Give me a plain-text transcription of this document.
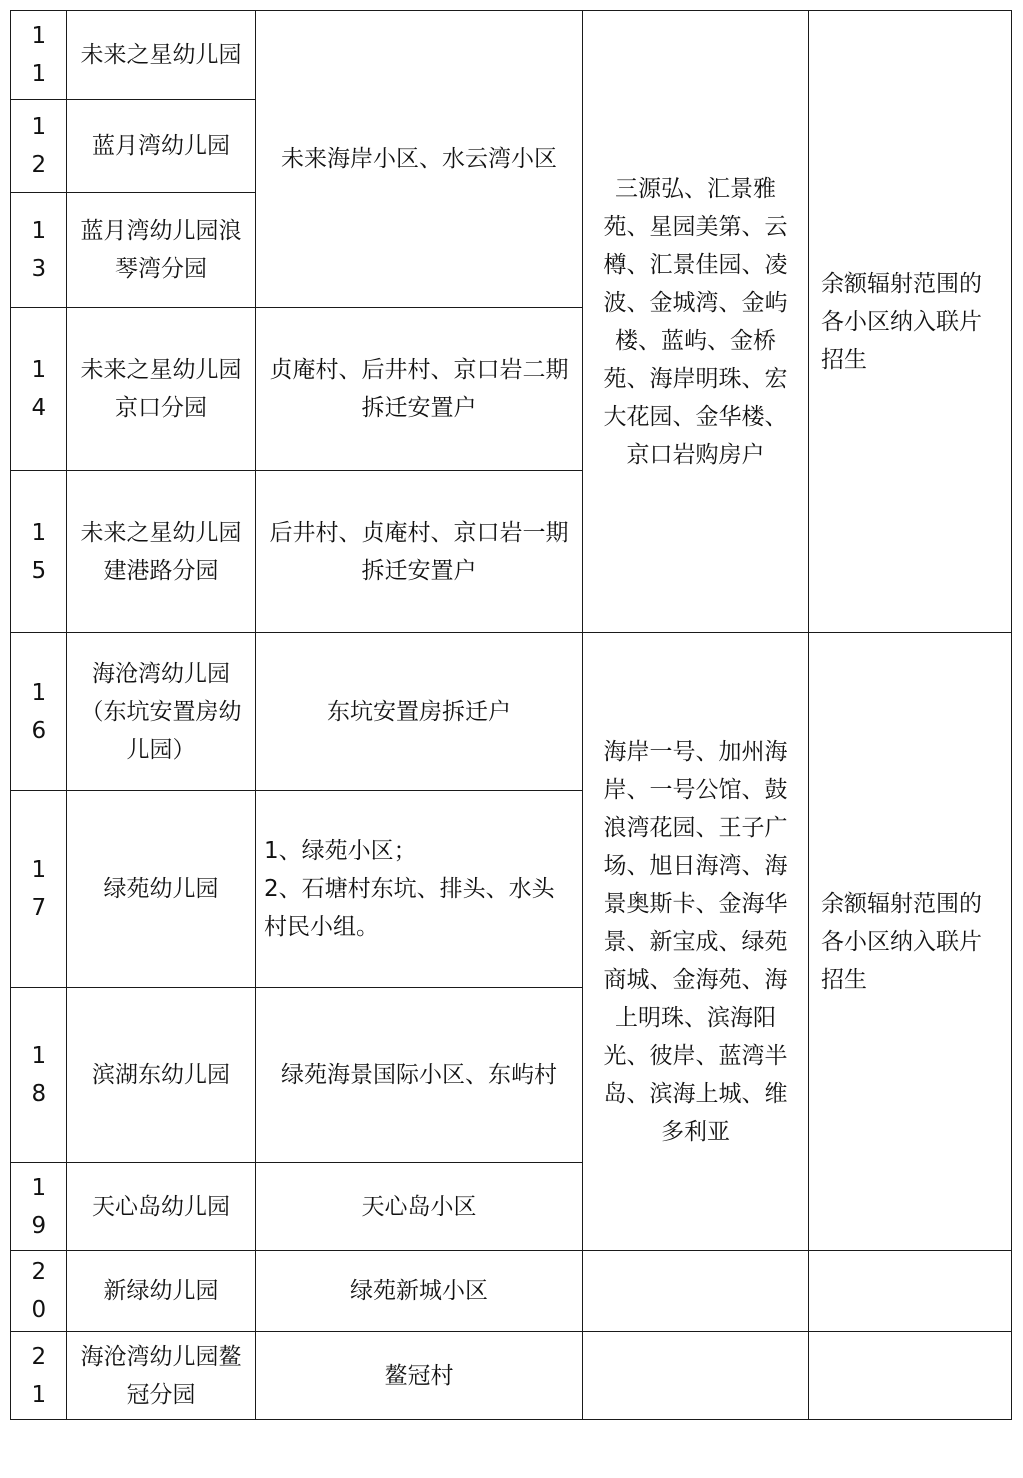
11	未来之星幼儿园	未来海岸小区、水云湾小区	三源弘、汇景雅苑、星园美第、云樽、汇景佳园、凌波、金城湾、金屿楼、蓝屿、金桥苑、海岸明珠、宏大花园、金华楼、京口岩购房户	余额辐射范围的各小区纳入联片招生
12	蓝月湾幼儿园			
13	蓝月湾幼儿园浪琴湾分园			
14	未来之星幼儿园京口分园	贞庵村、后井村、京口岩二期拆迁安置户		
15	未来之星幼儿园建港路分园	后井村、贞庵村、京口岩一期拆迁安置户		
16	海沧湾幼儿园（东坑安置房幼儿园）	东坑安置房拆迁户	海岸一号、加州海岸、一号公馆、鼓浪湾花园、王子广场、旭日海湾、海景奥斯卡、金海华景、新宝成、绿苑商城、金海苑、海上明珠、滨海阳光、彼岸、蓝湾半岛、滨海上城、维多利亚	余额辐射范围的各小区纳入联片招生
17	绿苑幼儿园	1、绿苑小区；
2、石塘村东坑、排头、水头村民小组。		
18	滨湖东幼儿园	绿苑海景国际小区、东屿村		
19	天心岛幼儿园	天心岛小区		
20	新绿幼儿园	绿苑新城小区		
21	海沧湾幼儿园鳌冠分园	鳌冠村		
